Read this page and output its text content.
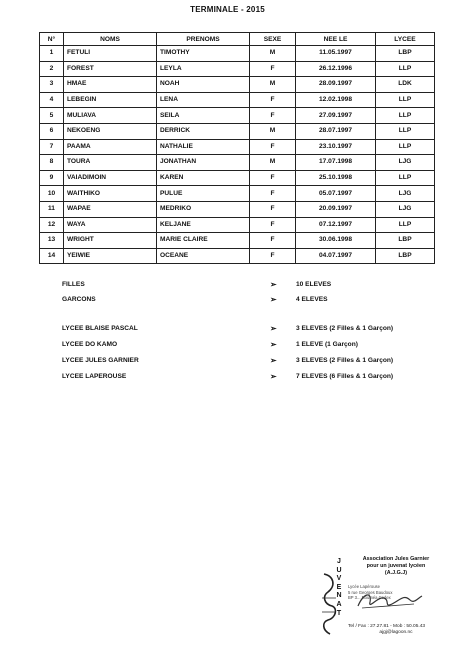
TERMINALE - 2015
N°	NOMS	PRENOMS	SEXE	NEE LE	LYCEE
1	FETULI	TIMOTHY	M	11.05.1997	LBP
2	FOREST	LEYLA	F	26.12.1996	LLP
3	HMAE	NOAH	M	28.09.1997	LDK
4	LEBEGIN	LENA	F	12.02.1998	LLP
5	MULIAVA	SEILA	F	27.09.1997	LLP
6	NEKOENG	DERRICK	M	28.07.1997	LLP
7	PAAMA	NATHALIE	F	23.10.1997	LLP
8	TOURA	JONATHAN	M	17.07.1998	LJG
9	VAIADIMOIN	KAREN	F	25.10.1998	LLP
10	WAITHIKO	PULUE	F	05.07.1997	LJG
11	WAPAE	MEDRIKO	F	20.09.1997	LJG
12	WAYA	KELJANE	F	07.12.1997	LLP
13	WRIGHT	MARIE CLAIRE	F	30.06.1998	LBP
14	YEIWIE	OCEANE	F	04.07.1997	LBP
FILLES	➢	10 ELEVES
GARCONS	➢	4 ELEVES
LYCEE BLAISE PASCAL	➢	3 ELEVES (2 Filles & 1 Garçon)
LYCEE DO KAMO	➢	1 ELEVE (1 Garçon)
LYCEE JULES GARNIER	➢	3 ELEVES (2 Filles & 1 Garçon)
LYCEE LAPEROUSE	➢	7 ELEVES (6 Filles & 1 Garçon)
J
U
V
E
N
A
T
Association Jules Garnier
pour un juvenat lycéen
(A.J.G.J)
Lycée Lapérouse
5 rue Georges Baudoux
BP 3... Nouméa Cedex
Tel / Fax : 27.27.81 - Mob : 50.05.43
ajgj@lagoon.nc
